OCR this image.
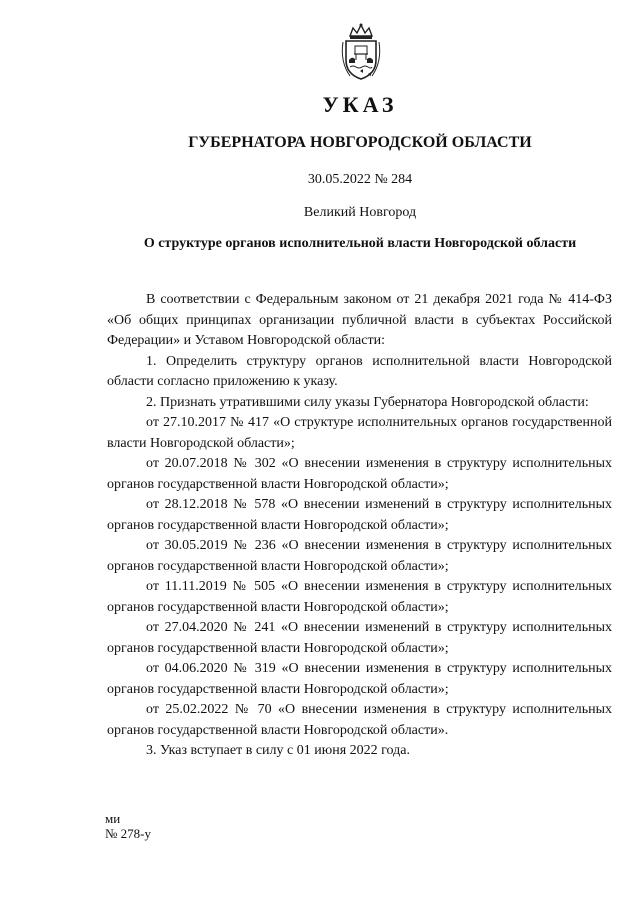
УКАЗ
ГУБЕРНАТОРА НОВГОРОДСКОЙ ОБЛАСТИ
30.05.2022 № 284
Великий Новгород
О структуре органов исполнительной власти Новгородской области

В соответствии с Федеральным законом от 21 декабря 2021 года № 414-ФЗ «Об общих принципах организации публичной власти в субъектах Российской Федерации» и Уставом Новгородской области:

1. Определить структуру органов исполнительной власти Новгородской области согласно приложению к указу.

2. Признать утратившими силу указы Губернатора Новгородской области:

от 27.10.2017 № 417 «О структуре исполнительных органов государственной власти Новгородской области»;

от 20.07.2018 № 302 «О внесении изменения в структуру исполнительных органов государственной власти Новгородской области»;

от 28.12.2018 № 578 «О внесении изменений в структуру исполнительных органов государственной власти Новгородской области»;

от 30.05.2019 № 236 «О внесении изменения в структуру исполнительных органов государственной власти Новгородской области»;

от 11.11.2019 № 505 «О внесении изменения в структуру исполнительных органов государственной власти Новгородской области»;

от 27.04.2020 № 241 «О внесении изменений в структуру исполнительных органов государственной власти Новгородской области»;

от 04.06.2020 № 319 «О внесении изменения в структуру исполнительных органов государственной власти Новгородской области»;

от 25.02.2022 № 70 «О внесении изменения в структуру исполнительных органов государственной власти Новгородской области».

3. Указ вступает в силу с 01 июня 2022 года.

ми
№ 278-у
